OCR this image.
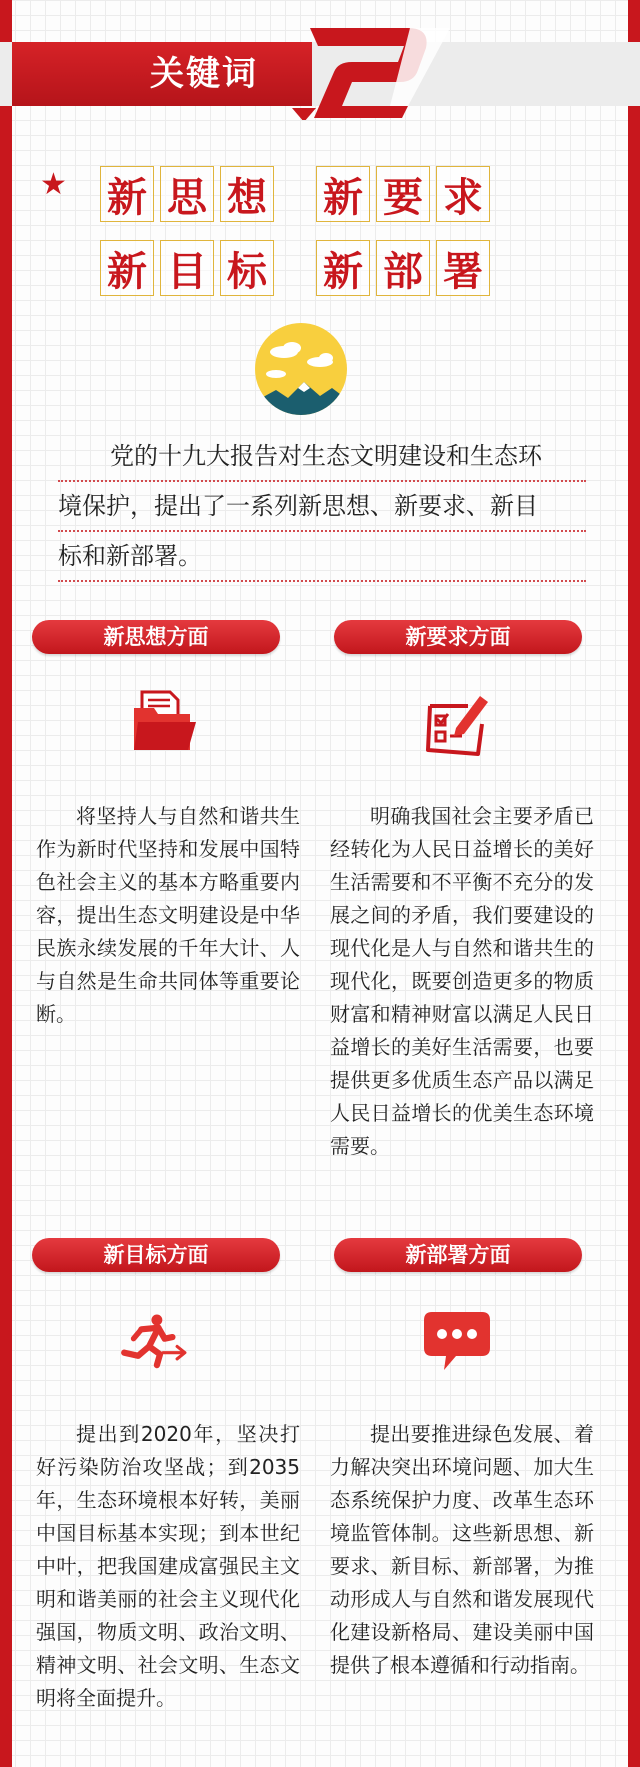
关键词
★ 新 思 想 新 要 求
新 目 标 新 部 署
党的十九大报告对生态文明建设和生态环
境保护，提出了一系列新思想、新要求、新目
标和新部署。
新思想方面
将坚持人与自然和谐共生作为新时代坚持和发展中国特色社会主义的基本方略重要内容，提出生态文明建设是中华民族永续发展的千年大计、人与自然是生命共同体等重要论断。
新要求方面
明确我国社会主要矛盾已经转化为人民日益增长的美好生活需要和不平衡不充分的发展之间的矛盾，我们要建设的现代化是人与自然和谐共生的现代化，既要创造更多的物质财富和精神财富以满足人民日益增长的美好生活需要，也要提供更多优质生态产品以满足人民日益增长的优美生态环境需要。
新目标方面
提出到2020年，坚决打好污染防治攻坚战；到2035年，生态环境根本好转，美丽中国目标基本实现；到本世纪中叶，把我国建成富强民主文明和谐美丽的社会主义现代化强国，物质文明、政治文明、精神文明、社会文明、生态文明将全面提升。
新部署方面
提出要推进绿色发展、着力解决突出环境问题、加大生态系统保护力度、改革生态环境监管体制。这些新思想、新要求、新目标、新部署，为推动形成人与自然和谐发展现代化建设新格局、建设美丽中国提供了根本遵循和行动指南。
